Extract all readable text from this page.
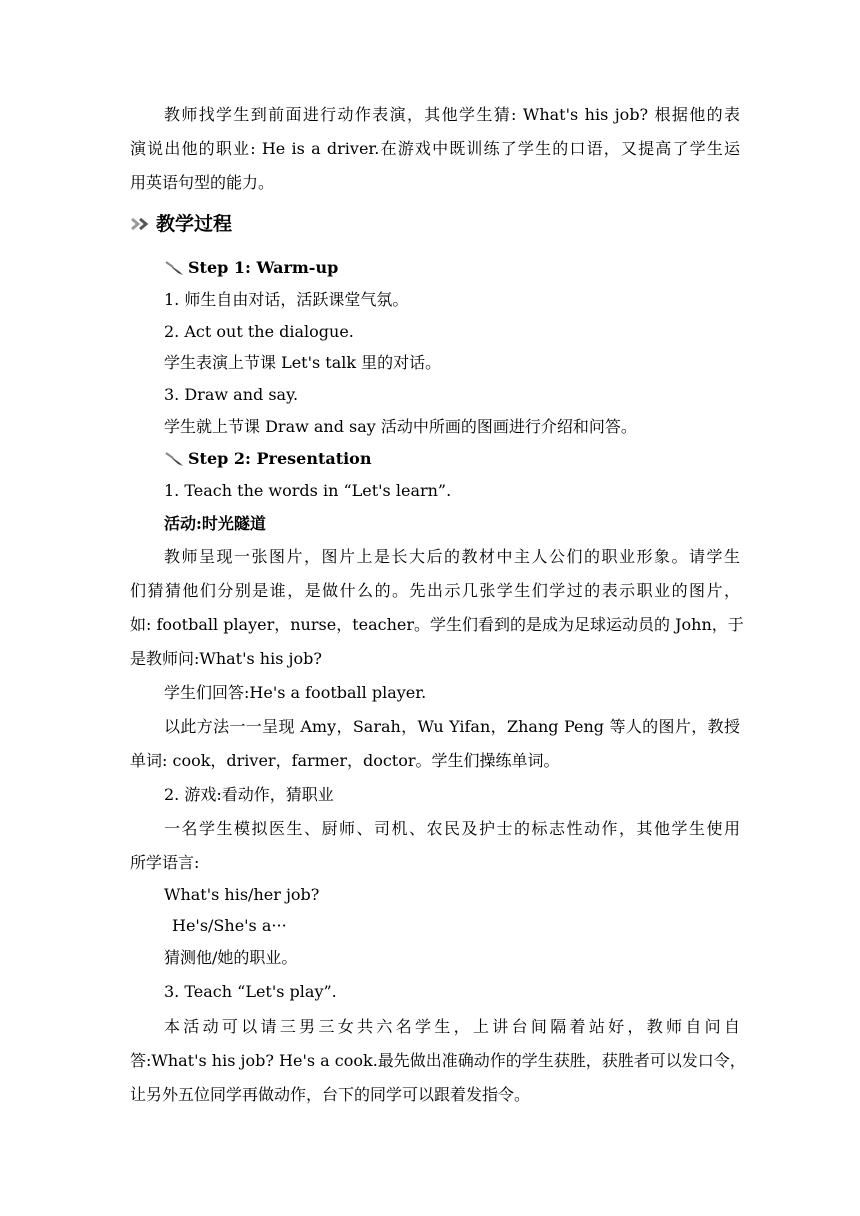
教师找学生到前面进行动作表演，其他学生猜: What's his job? 根据他的表
演说出他的职业: He is a driver.在游戏中既训练了学生的口语，又提高了学生运
用英语句型的能力。
教学过程
Step 1: Warm-up
1. 师生自由对话，活跃课堂气氛。
2. Act out the dialogue.
学生表演上节课 Let's talk 里的对话。
3. Draw and say.
学生就上节课 Draw and say 活动中所画的图画进行介绍和问答。
Step 2: Presentation
1. Teach the words in “Let's learn”.
活动:时光隧道
教师呈现一张图片，图片上是长大后的教材中主人公们的职业形象。请学生
们猜猜他们分别是谁，是做什么的。先出示几张学生们学过的表示职业的图片，
如: football player，nurse，teacher。学生们看到的是成为足球运动员的 John，于
是教师问:What's his job?
学生们回答:He's a football player.
以此方法一一呈现 Amy，Sarah，Wu Yifan，Zhang Peng 等人的图片，教授
单词: cook，driver，farmer，doctor。学生们操练单词。
2. 游戏:看动作，猜职业
一名学生模拟医生、厨师、司机、农民及护士的标志性动作，其他学生使用
所学语言:
What's his/her job?
He's/She's a···
猜测他/她的职业。
3. Teach “Let's play”.
本活动可以请三男三女共六名学生，上讲台间隔着站好，教师自问自
答:What's his job? He's a cook.最先做出准确动作的学生获胜，获胜者可以发口令，
让另外五位同学再做动作，台下的同学可以跟着发指令。
